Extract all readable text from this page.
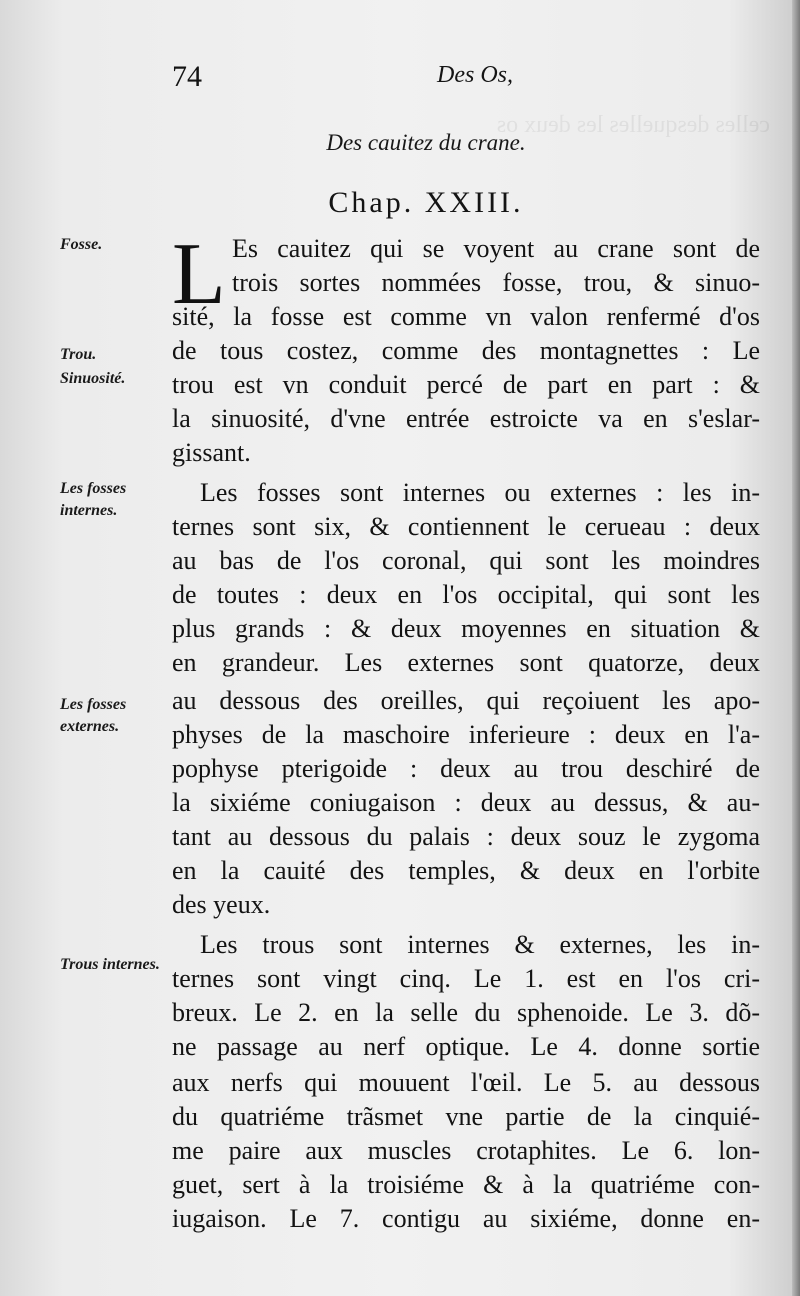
celles desquelles les deux os
74	Des Os,
Des cauitez du crane.
Chap. XXIII.
Fosse.
Trou.
Sinuosité.
Les fosses internes.
Les fosses externes.
Trous internes.
L Es cauitez qui se voyent au crane sont de
trois sortes nommées fosse, trou, & sinuo-
sité, la fosse est comme vn valon renfermé d'os
de tous costez, comme des montagnettes : Le
trou est vn conduit percé de part en part : &
la sinuosité, d'vne entrée estroicte va en s'eslar-
gissant.
Les fosses sont internes ou externes : les in-
ternes sont six, & contiennent le cerueau : deux
au bas de l'os coronal, qui sont les moindres
de toutes : deux en l'os occipital, qui sont les
plus grands : & deux moyennes en situation &
en grandeur. Les externes sont quatorze, deux
au dessous des oreilles, qui reçoiuent les apo-
physes de la maschoire inferieure : deux en l'a-
pophyse pterigoide : deux au trou deschiré de
la sixiéme coniugaison : deux au dessus, & au-
tant au dessous du palais : deux souz le zygoma
en la cauité des temples, & deux en l'orbite
des yeux.
Les trous sont internes & externes, les in-
ternes sont vingt cinq. Le 1. est en l'os cri-
breux. Le 2. en la selle du sphenoide. Le 3. dõ-
ne passage au nerf optique. Le 4. donne sortie
aux nerfs qui mouuent l'œil. Le 5. au dessous
du quatriéme trãsmet vne partie de la cinquié-
me paire aux muscles crotaphites. Le 6. lon-
guet, sert à la troisiéme & à la quatriéme con-
iugaison. Le 7. contigu au sixiéme, donne en-
